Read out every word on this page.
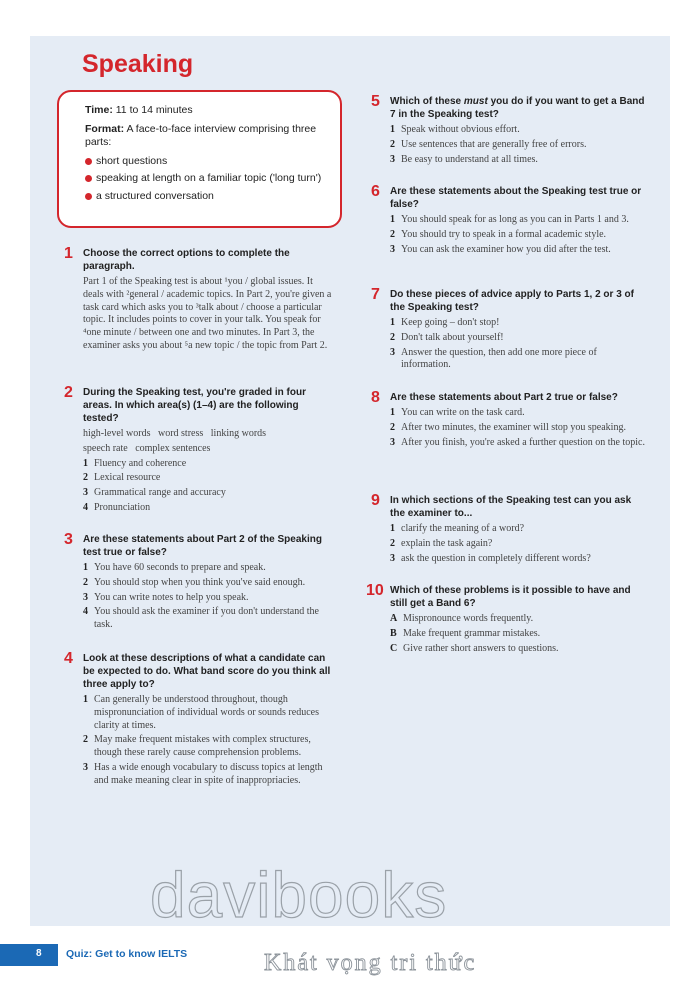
Speaking

Time: 11 to 14 minutes

Format: A face-to-face interview comprising three parts:

short questions
speaking at length on a familiar topic ('long turn')
a structured conversation
1 Choose the correct options to complete the paragraph.

Part 1 of the Speaking test is about ¹you / global issues. It deals with ²general / academic topics. In Part 2, you're given a task card which asks you to ³talk about / choose a particular topic. It includes points to cover in your talk. You speak for ⁴one minute / between one and two minutes. In Part 3, the examiner asks you about ⁵a new topic / the topic from Part 2.

2 During the Speaking test, you're graded in four areas. In which area(s) (1–4) are the following tested?

high-level words   word stress   linking words

speech rate   complex sentences

1 Fluency and coherence
2 Lexical resource
3 Grammatical range and accuracy
4 Pronunciation
3 Are these statements about Part 2 of the Speaking test true or false?

1 You have 60 seconds to prepare and speak.
2 You should stop when you think you've said enough.
3 You can write notes to help you speak.
4 You should ask the examiner if you don't understand the task.
4 Look at these descriptions of what a candidate can be expected to do. What band score do you think all three apply to?

1 Can generally be understood throughout, though mispronunciation of individual words or sounds reduces clarity at times.
2 May make frequent mistakes with complex structures, though these rarely cause comprehension problems.
3 Has a wide enough vocabulary to discuss topics at length and make meaning clear in spite of inappropriacies.
5 Which of these must you do if you want to get a Band 7 in the Speaking test?

1 Speak without obvious effort.
2 Use sentences that are generally free of errors.
3 Be easy to understand at all times.
6 Are these statements about the Speaking test true or false?

1 You should speak for as long as you can in Parts 1 and 3.
2 You should try to speak in a formal academic style.
3 You can ask the examiner how you did after the test.
7 Do these pieces of advice apply to Parts 1, 2 or 3 of the Speaking test?

1 Keep going – don't stop!
2 Don't talk about yourself!
3 Answer the question, then add one more piece of information.
8 Are these statements about Part 2 true or false?

1 You can write on the task card.
2 After two minutes, the examiner will stop you speaking.
3 After you finish, you're asked a further question on the topic.
9 In which sections of the Speaking test can you ask the examiner to...

1 clarify the meaning of a word?
2 explain the task again?
3 ask the question in completely different words?
10 Which of these problems is it possible to have and still get a Band 6?

A Mispronounce words frequently.
B Make frequent grammar mistakes.
C Give rather short answers to questions.
davibooks
Khát vọng tri thức
8 Quiz: Get to know IELTS
